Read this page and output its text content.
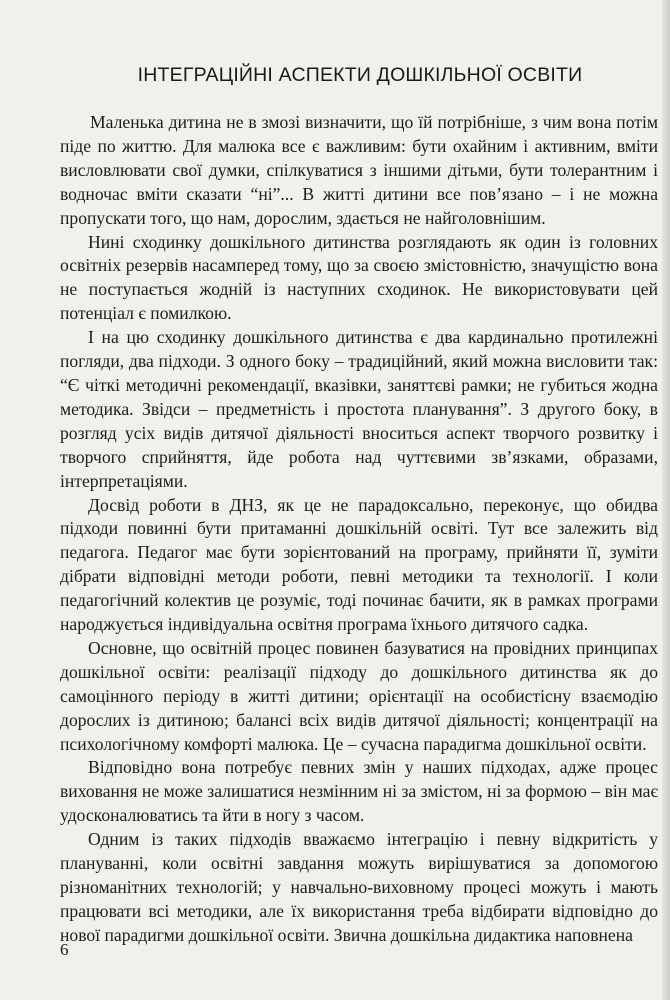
ІНТЕГРАЦІЙНІ АСПЕКТИ ДОШКІЛЬНОЇ ОСВІТИ

Маленька дитина не в змозі визначити, що їй потрібніше, з чим вона потім піде по життю. Для малюка все є важливим: бути охайним і активним, вміти висловлювати свої думки, спілкуватися з іншими дітьми, бути толерантним і водночас вміти сказати “ні”... В житті дитини все пов’язано – і не можна пропускати того, що нам, дорослим, здається не найголовнішим.

Нині сходинку дошкільного дитинства розглядають як один із головних освітніх резервів насамперед тому, що за своєю змістовністю, значущістю вона не поступається жодній із наступних сходинок. Не використовувати цей потенціал є помилкою.

І на цю сходинку дошкільного дитинства є два кардинально протилежні погляди, два підходи. З одного боку – традиційний, який можна висловити так: “Є чіткі методичні рекомендації, вказівки, заняттєві рамки; не губиться жодна методика. Звідси – предметність і простота планування”. З другого боку, в розгляд усіх видів дитячої діяльності вноситься аспект творчого розвитку і творчого сприйняття, йде робота над чуттєвими зв’язками, образами, інтерпретаціями.

Досвід роботи в ДНЗ, як це не парадоксально, переконує, що обидва підходи повинні бути притаманні дошкільній освіті. Тут все залежить від педагога. Педагог має бути зорієнтований на програму, прийняти її, зуміти дібрати відповідні методи роботи, певні методики та технології. І коли педагогічний колектив це розуміє, тоді починає бачити, як в рамках програми народжується індивідуальна освітня програма їхнього дитячого садка.

Основне, що освітній процес повинен базуватися на провідних принципах дошкільної освіти: реалізації підходу до дошкільного дитинства як до самоцінного періоду в житті дитини; орієнтації на особистісну взаємодію дорослих із дитиною; балансі всіх видів дитячої діяльності; концентрації на психологічному комфорті малюка. Це – сучасна парадигма дошкільної освіти.

Відповідно вона потребує певних змін у наших підходах, адже процес виховання не може залишатися незмінним ні за змістом, ні за формою – він має удосконалюватись та йти в ногу з часом.

Одним із таких підходів вважаємо інтеграцію і певну відкритість у плануванні, коли освітні завдання можуть вирішуватися за допомогою різноманітних технологій; у навчально-виховному процесі можуть і мають працювати всі методики, але їх використання треба відбирати відповідно до нової парадигми дошкільної освіти. Звична дошкільна дидактика наповнена

6
